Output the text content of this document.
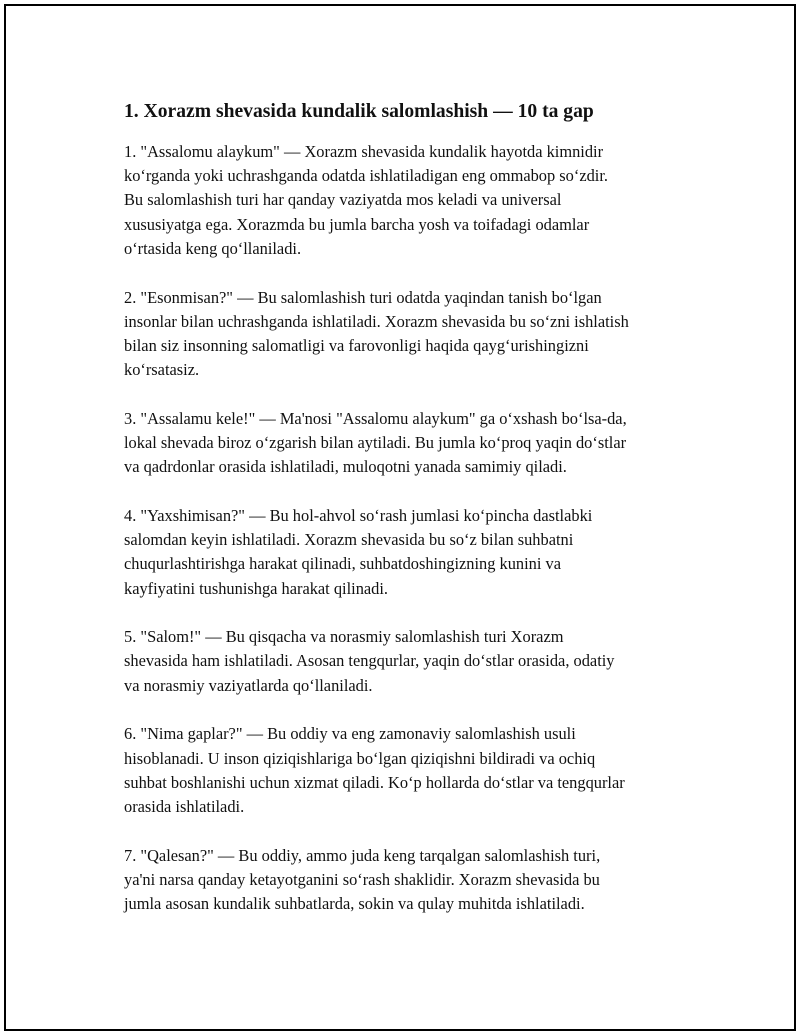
1. Xorazm shevasida kundalik salomlashish — 10 ta gap
1. "Assalomu alaykum" — Xorazm shevasida kundalik hayotda kimnidir
ko‘rganda yoki uchrashganda odatda ishlatiladigan eng ommabop so‘zdir.
Bu salomlashish turi har qanday vaziyatda mos keladi va universal
xususiyatga ega. Xorazmda bu jumla barcha yosh va toifadagi odamlar
o‘rtasida keng qo‘llaniladi.
2. "Esonmisan?" — Bu salomlashish turi odatda yaqindan tanish bo‘lgan
insonlar bilan uchrashganda ishlatiladi. Xorazm shevasida bu so‘zni ishlatish
bilan siz insonning salomatligi va farovonligi haqida qayg‘urishingizni
ko‘rsatasiz.
3. "Assalamu kele!" — Ma'nosi "Assalomu alaykum" ga o‘xshash bo‘lsa-da,
lokal shevada biroz o‘zgarish bilan aytiladi. Bu jumla ko‘proq yaqin do‘stlar
va qadrdonlar orasida ishlatiladi, muloqotni yanada samimiy qiladi.
4. "Yaxshimisan?" — Bu hol-ahvol so‘rash jumlasi ko‘pincha dastlabki
salomdan keyin ishlatiladi. Xorazm shevasida bu so‘z bilan suhbatni
chuqurlashtirishga harakat qilinadi, suhbatdoshingizning kunini va
kayfiyatini tushunishga harakat qilinadi.
5. "Salom!" — Bu qisqacha va norasmiy salomlashish turi Xorazm
shevasida ham ishlatiladi. Asosan tengqurlar, yaqin do‘stlar orasida, odatiy
va norasmiy vaziyatlarda qo‘llaniladi.
6. "Nima gaplar?" — Bu oddiy va eng zamonaviy salomlashish usuli
hisoblanadi. U inson qiziqishlariga bo‘lgan qiziqishni bildiradi va ochiq
suhbat boshlanishi uchun xizmat qiladi. Ko‘p hollarda do‘stlar va tengqurlar
orasida ishlatiladi.
7. "Qalesan?" — Bu oddiy, ammo juda keng tarqalgan salomlashish turi,
ya'ni narsa qanday ketayotganini so‘rash shaklidir. Xorazm shevasida bu
jumla asosan kundalik suhbatlarda, sokin va qulay muhitda ishlatiladi.
